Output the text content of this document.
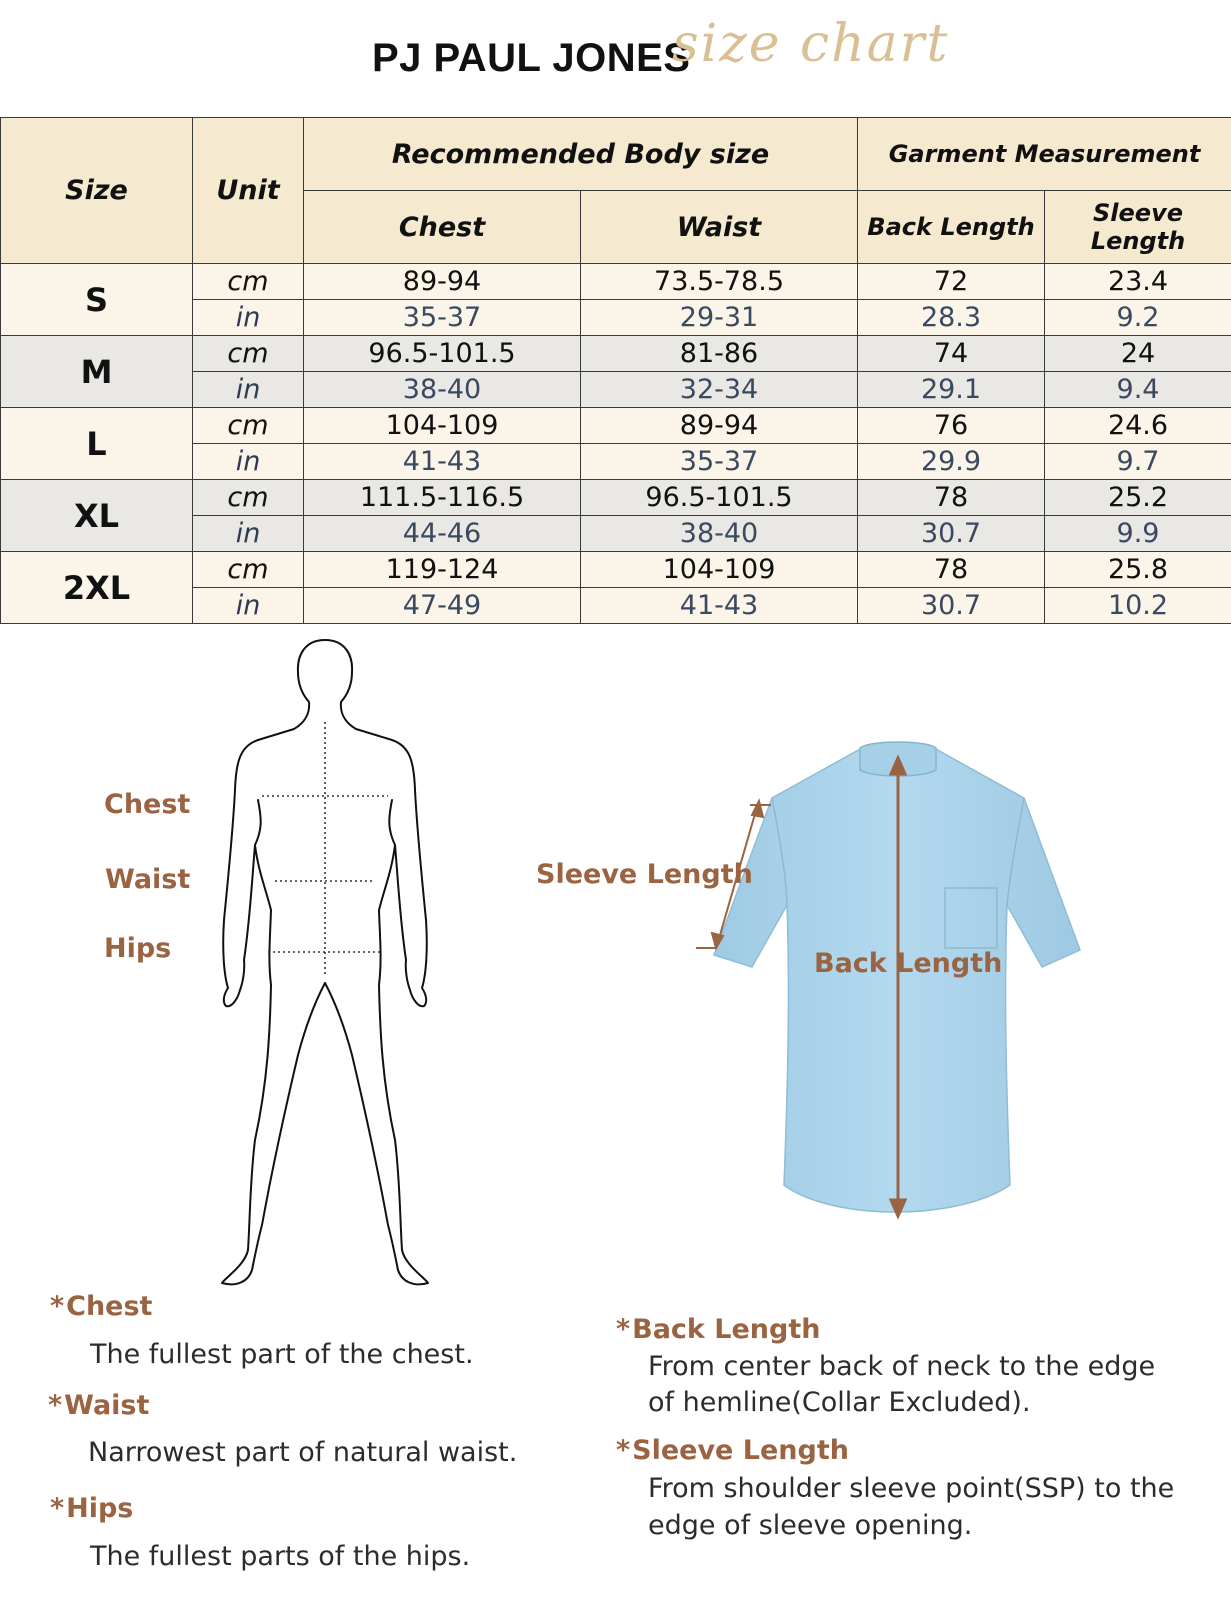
PJ PAUL JONES
size chart
Size	Unit	Recommended Body size		Garment Measurement	
		Chest	Waist	Back Length	Sleeve Length
S	cm	89-94	73.5-78.5	72	23.4
	in	35-37	29-31	28.3	9.2
M	cm	96.5-101.5	81-86	74	24
	in	38-40	32-34	29.1	9.4
L	cm	104-109	89-94	76	24.6
	in	41-43	35-37	29.9	9.7
XL	cm	111.5-116.5	96.5-101.5	78	25.2
	in	44-46	38-40	30.7	9.9
2XL	cm	119-124	104-109	78	25.8
	in	47-49	41-43	30.7	10.2
Chest
Waist
Hips
Sleeve Length
Back Length
*Chest
The fullest part of the chest.
*Waist
Narrowest part of natural waist.
*Hips
The fullest parts of the hips.
*Back Length
From center back of neck to the edge
of hemline(Collar Excluded).
*Sleeve Length
From shoulder sleeve point(SSP) to the
edge of sleeve opening.
